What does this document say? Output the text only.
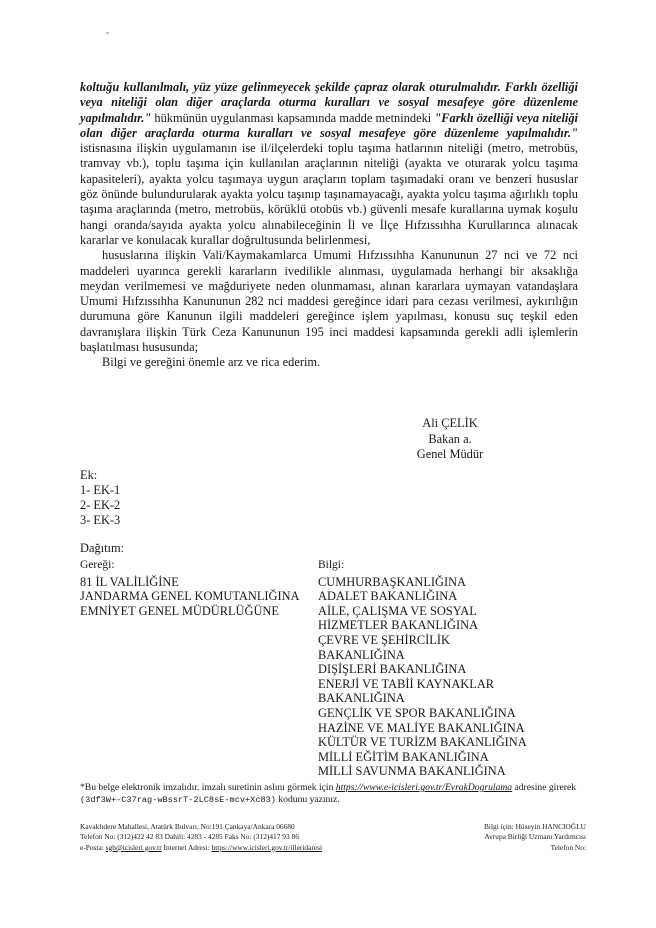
koltuğu kullanılmalı, yüz yüze gelinmeyecek şekilde çapraz olarak oturulmalıdır. Farklı özelliği veya niteliği olan diğer araçlarda oturma kuralları ve sosyal mesafeye göre düzenleme yapılmalıdır." hükmünün uygulanması kapsamında madde metnindeki "Farklı özelliği veya niteliği olan diğer araçlarda oturma kuralları ve sosyal mesafeye göre düzenleme yapılmalıdır." istisnasına ilişkin uygulamanın ise il/ilçelerdeki toplu taşıma hatlarının niteliği (metro, metrobüs, tramvay vb.), toplu taşıma için kullanılan araçlarının niteliği (ayakta ve oturarak yolcu taşıma kapasiteleri), ayakta yolcu taşımaya uygun araçların toplam taşımadaki oranı ve benzeri hususlar göz önünde bulundurularak ayakta yolcu taşınıp taşınamayacağı, ayakta yolcu taşıma ağırlıklı toplu taşıma araçlarında (metro, metrobüs, körüklü otobüs vb.) güvenli mesafe kurallarına uymak koşulu hangi oranda/sayıda ayakta yolcu alınabileceğinin İl ve İlçe Hıfzıssıhha Kurullarınca alınacak kararlar ve konulacak kurallar doğrultusunda belirlenmesi,

hususlarına ilişkin Vali/Kaymakamlarca Umumi Hıfzıssıhha Kanununun 27 nci ve 72 nci maddeleri uyarınca gerekli kararların ivedilikle alınması, uygulamada herhangi bir aksaklığa meydan verilmemesi ve mağduriyete neden olunmaması, alınan kararlara uymayan vatandaşlara Umumi Hıfzıssıhha Kanununun 282 nci maddesi gereğince idari para cezası verilmesi, aykırılığın durumuna göre Kanunun ilgili maddeleri gereğince işlem yapılması, konusu suç teşkil eden davranışlara ilişkin Türk Ceza Kanununun 195 inci maddesi kapsamında gerekli adli işlemlerin başlatılması hususunda;

Bilgi ve gereğini önemle arz ve rica ederim.

Ali ÇELİK
Bakan a.
Genel Müdür
Ek:
1- EK-1
2- EK-2
3- EK-3
Dağıtım:
Gereği:
81 İL VALİLİĞİNE
JANDARMA GENEL KOMUTANLIĞINA
EMNİYET GENEL MÜDÜRLÜĞÜNE
Bilgi:
CUMHURBAŞKANLIĞINA
ADALET BAKANLIĞINA
AİLE, ÇALIŞMA VE SOSYAL
HİZMETLER BAKANLIĞINA
ÇEVRE VE ŞEHİRCİLİK
BAKANLIĞINA
DIŞİŞLERİ BAKANLIĞINA
ENERJİ VE TABİİ KAYNAKLAR
BAKANLIĞINA
GENÇLİK VE SPOR BAKANLIĞINA
HAZİNE VE MALİYE BAKANLIĞINA
KÜLTÜR VE TURİZM BAKANLIĞINA
MİLLİ EĞİTİM BAKANLIĞINA
MİLLİ SAVUNMA BAKANLIĞINA
*Bu belge elektronik imzalıdır. imzalı suretinin aslını görmek için https://www.e-icisleri.gov.tr/EvrakDogrulama adresine girerek (3df3W+-C37rag-wBssrT-2LC8sE-mcv+Xc83) kodunu yazınız.
Kavaklıdere Mahallesi, Atatürk Bulvarı, No:191 Çankaya/Ankara 06680
Telefon No: (312)422 42 83 Dahili: 4283 - 4285 Faks No: (312)417 93 86
e-Posta: sgb@icisleri.gov.tr İnternet Adresi: https://www.icisleri.gov.tr/illeridaresi
Bilgi için: Hüseyin HANCIOĞLU
Avrupa Birliği Uzmanı Yardımcısı
Telefon No:
